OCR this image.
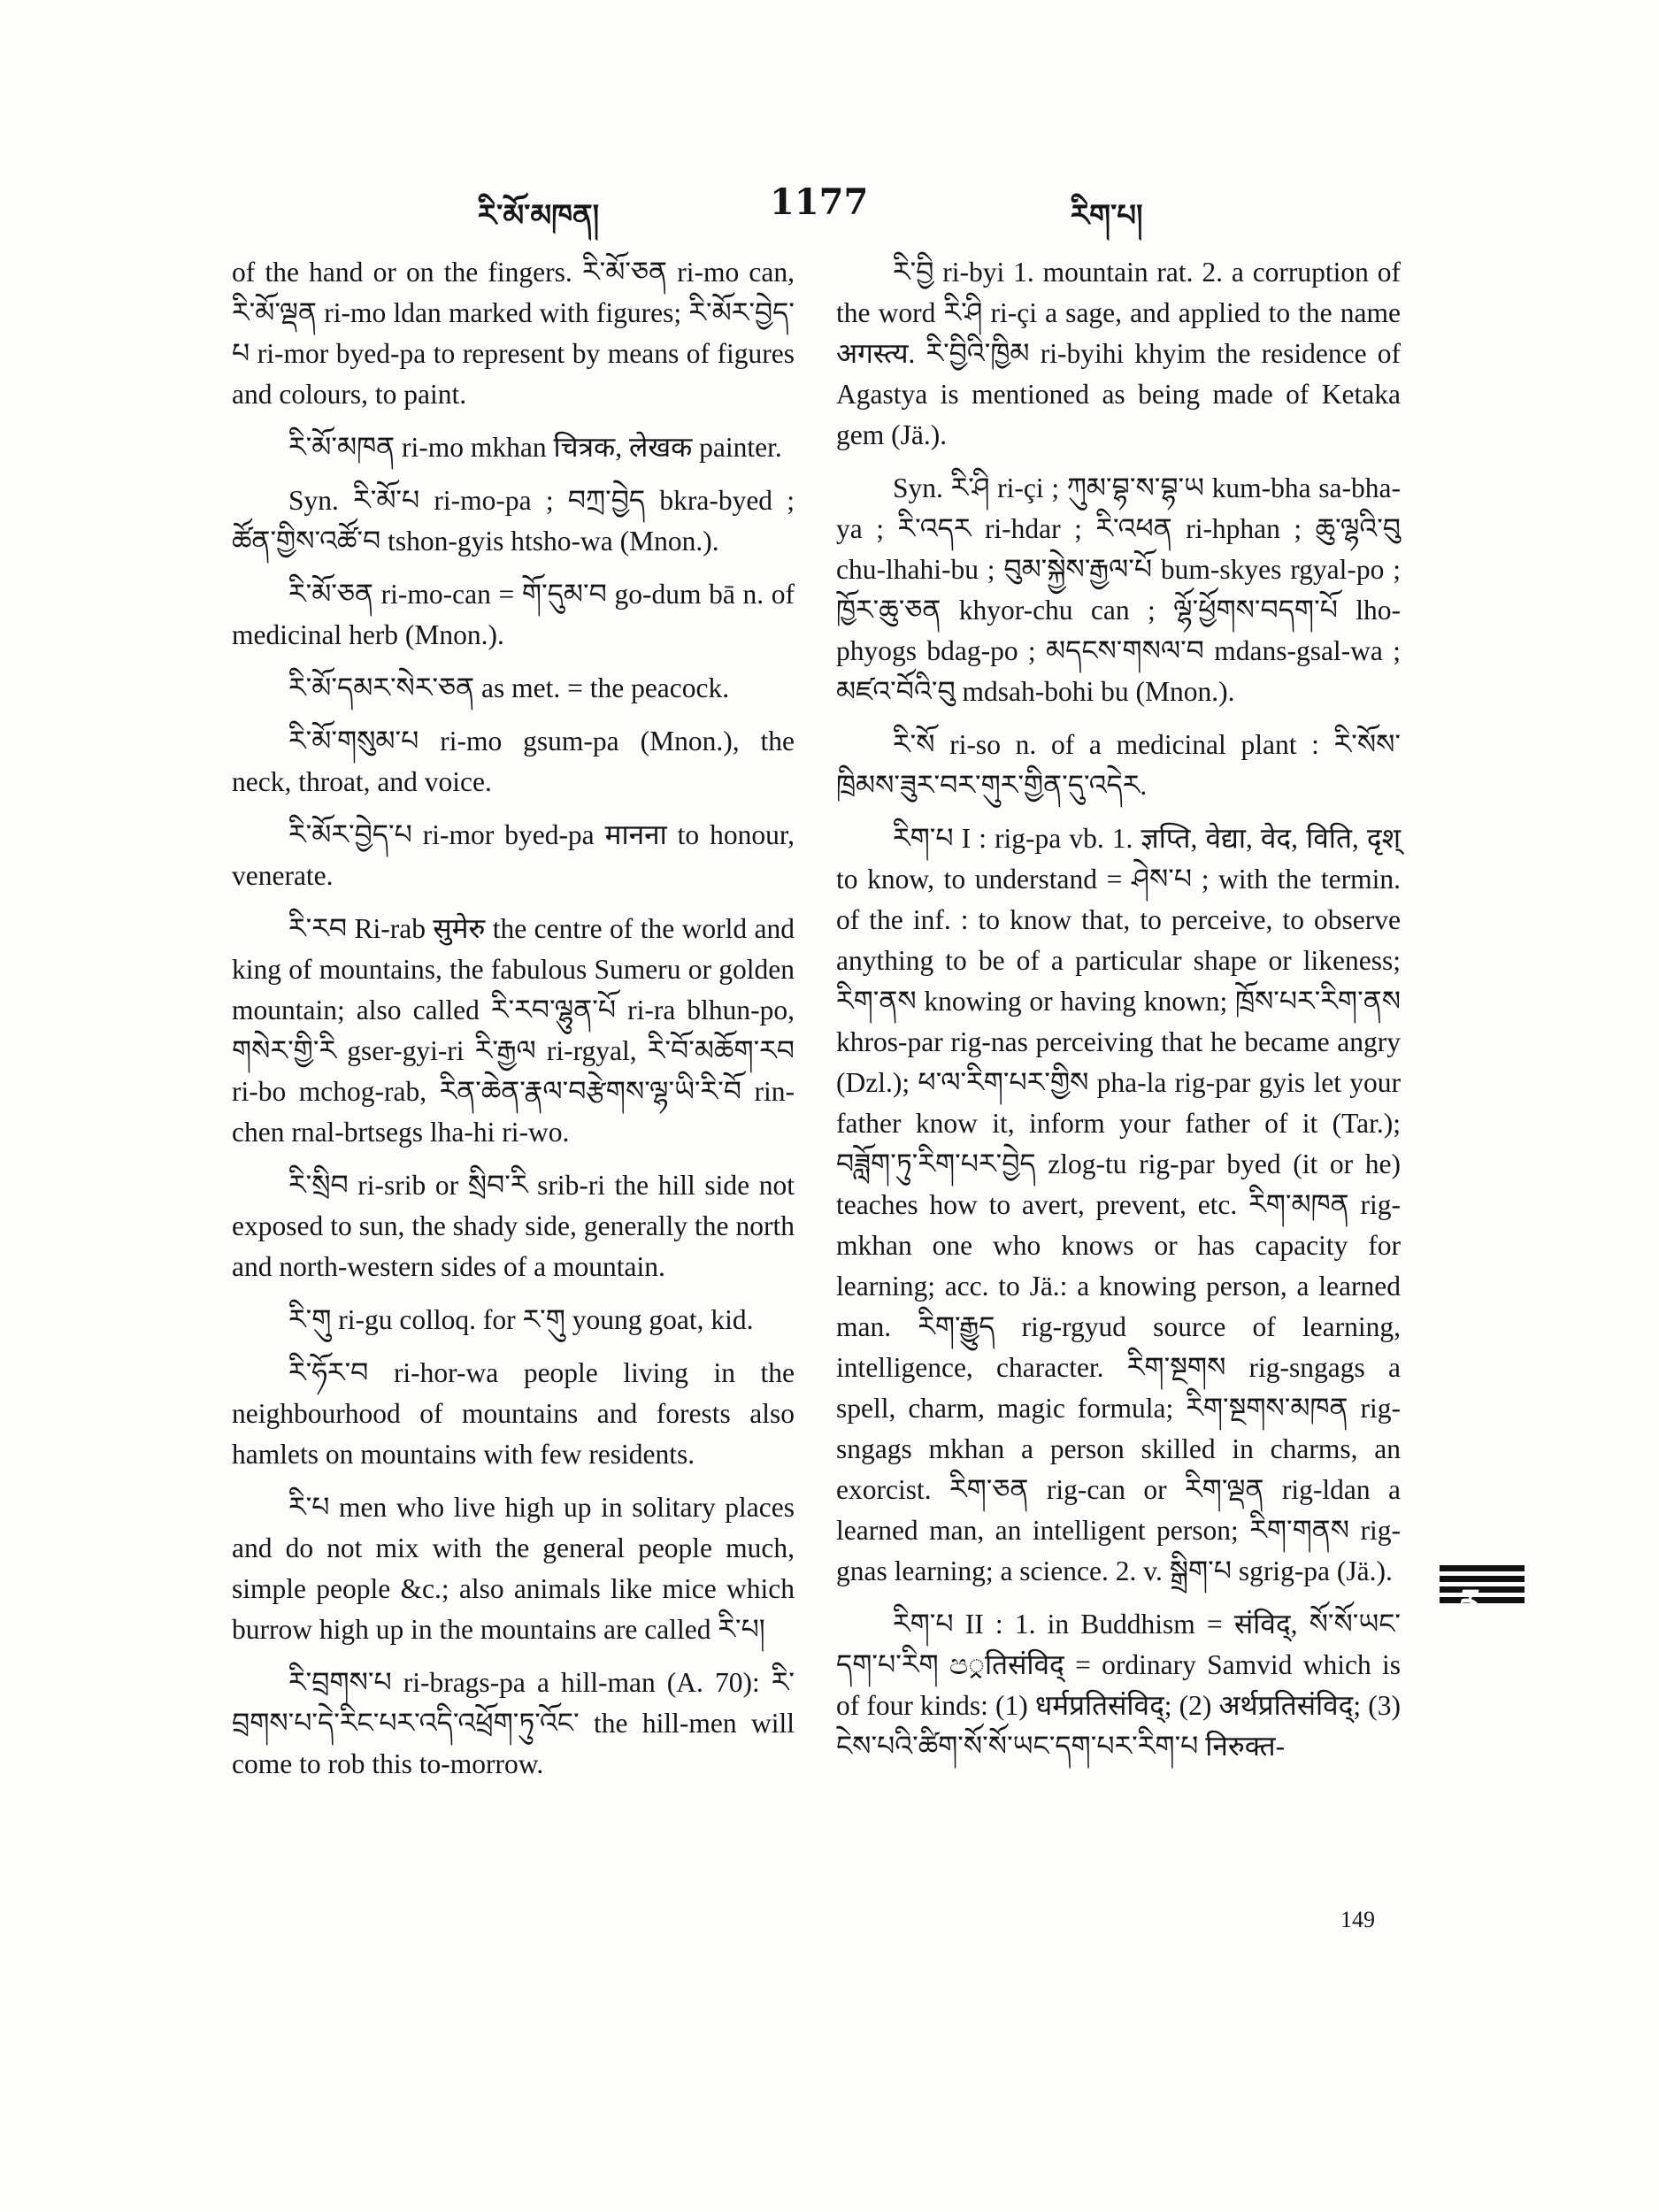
རི་མོ་མཁན།	1177	རིག་པ།

of the hand or on the fingers. རི་མོ་ཅན ri-mo can, རི་མོ་ལྡན ri-mo ldan marked with figures; རི་མོར་བྱེད་པ ri-mor byed-pa to represent by means of figures and colours, to paint.

རི་མོ་མཁན ri-mo mkhan चित्रक, लेखक painter.

Syn. རི་མོ་པ ri-mo-pa ; བཀྲ་བྱེད bkra-byed ; ཚོན་གྱིས་འཚོ་བ tshon-gyis htsho-wa (Mnon.).

རི་མོ་ཅན ri-mo-can = གོ་དུམ་བ go-dum bā n. of medicinal herb (Mnon.).

རི་མོ་དམར་སེར་ཅན as met. = the peacock.

རི་མོ་གསུམ་པ ri-mo gsum-pa (Mnon.), the neck, throat, and voice.

རི་མོར་བྱེད་པ ri-mor byed-pa मानना to honour, venerate.

རི་རབ Ri-rab सुमेरु the centre of the world and king of mountains, the fabulous Sumeru or golden mountain; also called རི་རབ་ལྷུན་པོ ri-ra blhun-po, གསེར་གྱི་རི gser-gyi-ri རི་རྒྱལ ri-rgyal, རི་བོ་མཆོག་རབ ri-bo mchog-rab, རིན་ཆེན་རྣལ་བརྩེགས་ལྷ་ཡི་རི་བོ rin-chen rnal-brtsegs lha-hi ri-wo.

རི་སྲིབ ri-srib or སྲིབ་རི srib-ri the hill side not exposed to sun, the shady side, generally the north and north-western sides of a mountain.

རི་གུ ri-gu colloq. for ར་གུ young goat, kid.

རི་ཧོར་བ ri-hor-wa people living in the neighbourhood of mountains and forests also hamlets on mountains with few residents.

རི་པ men who live high up in solitary places and do not mix with the general people much, simple people &c.; also animals like mice which burrow high up in the mountains are called རི་པ།

རི་བྲགས་པ ri-brags-pa a hill-man (A. 70): རི་བྲགས་པ་དེ་རིང་པར་འདི་འཕྲོག་ཏུ་འོང་ the hill-men will come to rob this to-morrow.

རི་བྱི ri-byi 1. mountain rat. 2. a corruption of the word རི་ཤི ri-çi a sage, and applied to the name अगस्त्य. རི་བྱིའི་ཁྱིམ ri-byihi khyim the residence of Agastya is mentioned as being made of Ketaka gem (Jä.).

Syn. རི་ཤི ri-çi ; ཀུམ་བྷ་ས་བྷ་ཡ kum-bha sa-bha-ya ; རི་འདར ri-hdar ; རི་འཕན ri-hphan ; ཆུ་ལྷའི་བུ chu-lhahi-bu ; བུམ་སྐྱེས་རྒྱལ་པོ bum-skyes rgyal-po ; ཁྱོར་ཆུ་ཅན khyor-chu can ; ལྷོ་ཕྱོགས་བདག་པོ lho-phyogs bdag-po ; མདངས་གསལ་བ mdans-gsal-wa ; མཛའ་བོའི་བུ mdsah-bohi bu (Mnon.).

རི་སོ ri-so n. of a medicinal plant : རི་སོས་ཁྲིམས་ཟུར་བར་གུར་གྱིན་དུ་འདེར.

རིག་པ I : rig-pa vb. 1. ज्ञप्ति, वेद्या, वेद, विति, दृश् to know, to understand = ཤེས་པ ; with the termin. of the inf. : to know that, to perceive, to observe anything to be of a particular shape or likeness; རིག་ནས knowing or having known; ཁྲོས་པར་རིག་ནས khros-par rig-nas perceiving that he became angry (Dzl.); ཕ་ལ་རིག་པར་གྱིས pha-la rig-par gyis let your father know it, inform your father of it (Tar.); བཟློག་ཏུ་རིག་པར་བྱེད zlog-tu rig-par byed (it or he) teaches how to avert, prevent, etc. རིག་མཁན rig-mkhan one who knows or has capacity for learning; acc. to Jä.: a knowing person, a learned man. རིག་རྒྱུད rig-rgyud source of learning, intelligence, character. རིག་སྔགས rig-sngags a spell, charm, magic formula; རིག་སྔགས་མཁན rig-sngags mkhan a person skilled in charms, an exorcist. རིག་ཅན rig-can or རིག་ལྡན rig-ldan a learned man, an intelligent person; རིག་གནས rig-gnas learning; a science. 2. v. སྒྲིག་པ sgrig-pa (Jä.).

རིག་པ II : 1. in Buddhism = संविद्, སོ་སོ་ཡང་དག་པ་རིག ප्रतिसंविद् = ordinary Samvid which is of four kinds: (1) धर्मप्रतिसंविद्; (2) अर्थप्रतिसंविद्; (3) ངེས་པའི་ཚིག་སོ་སོ་ཡང་དག་པར་རིག་པ निरुक्त-

ར
149
